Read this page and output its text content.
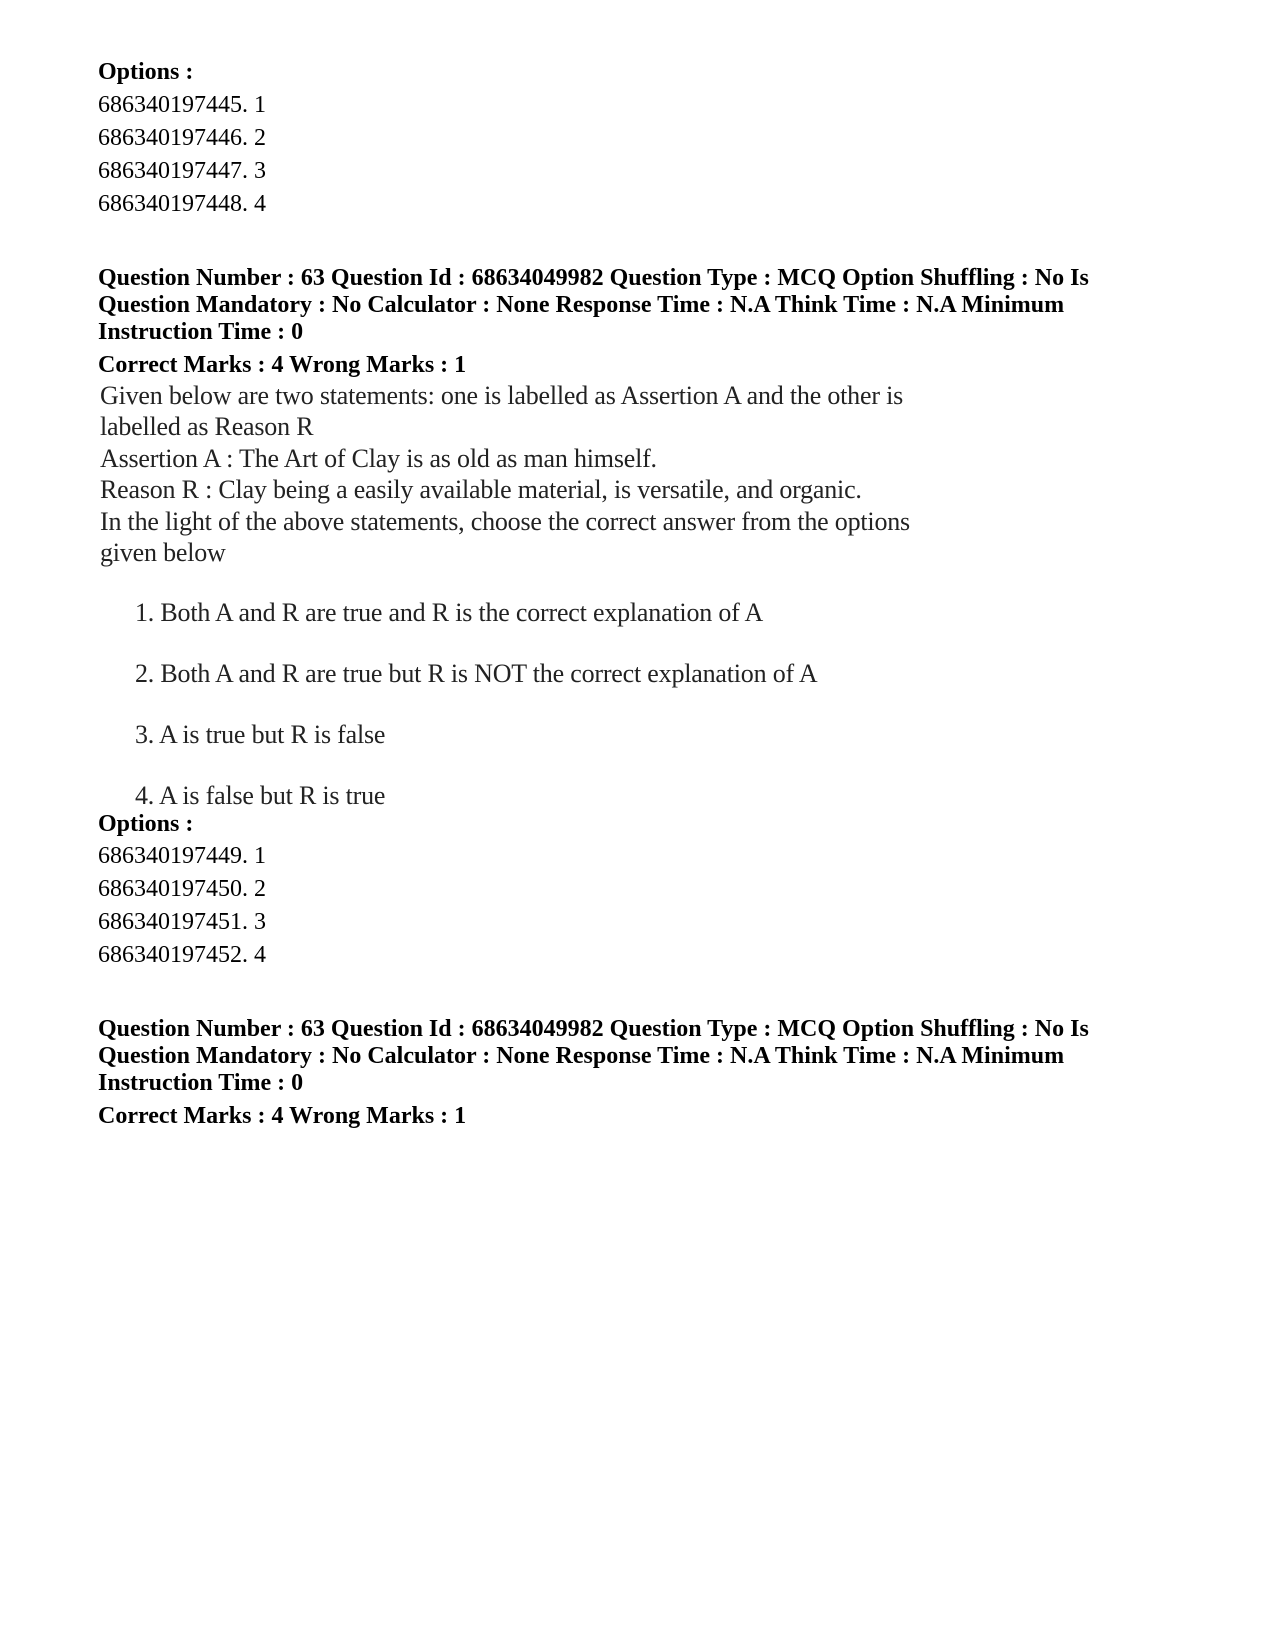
Options :
686340197445. 1
686340197446. 2
686340197447. 3
686340197448. 4
Question Number : 63 Question Id : 68634049982 Question Type : MCQ Option Shuffling : No Is
Question Mandatory : No Calculator : None Response Time : N.A Think Time : N.A Minimum
Instruction Time : 0
Correct Marks : 4 Wrong Marks : 1
Given below are two statements: one is labelled as Assertion A and the other is
labelled as Reason R
Assertion A : The Art of Clay is as old as man himself.
Reason R : Clay being a easily available material, is versatile, and organic.
In the light of the above statements, choose the correct answer from the options
given below
1. Both A and R are true and R is the correct explanation of A
2. Both A and R are true but R is NOT the correct explanation of A
3. A is true but R is false
4. A is false but R is true
Options :
686340197449. 1
686340197450. 2
686340197451. 3
686340197452. 4
Question Number : 63 Question Id : 68634049982 Question Type : MCQ Option Shuffling : No Is
Question Mandatory : No Calculator : None Response Time : N.A Think Time : N.A Minimum
Instruction Time : 0
Correct Marks : 4 Wrong Marks : 1
